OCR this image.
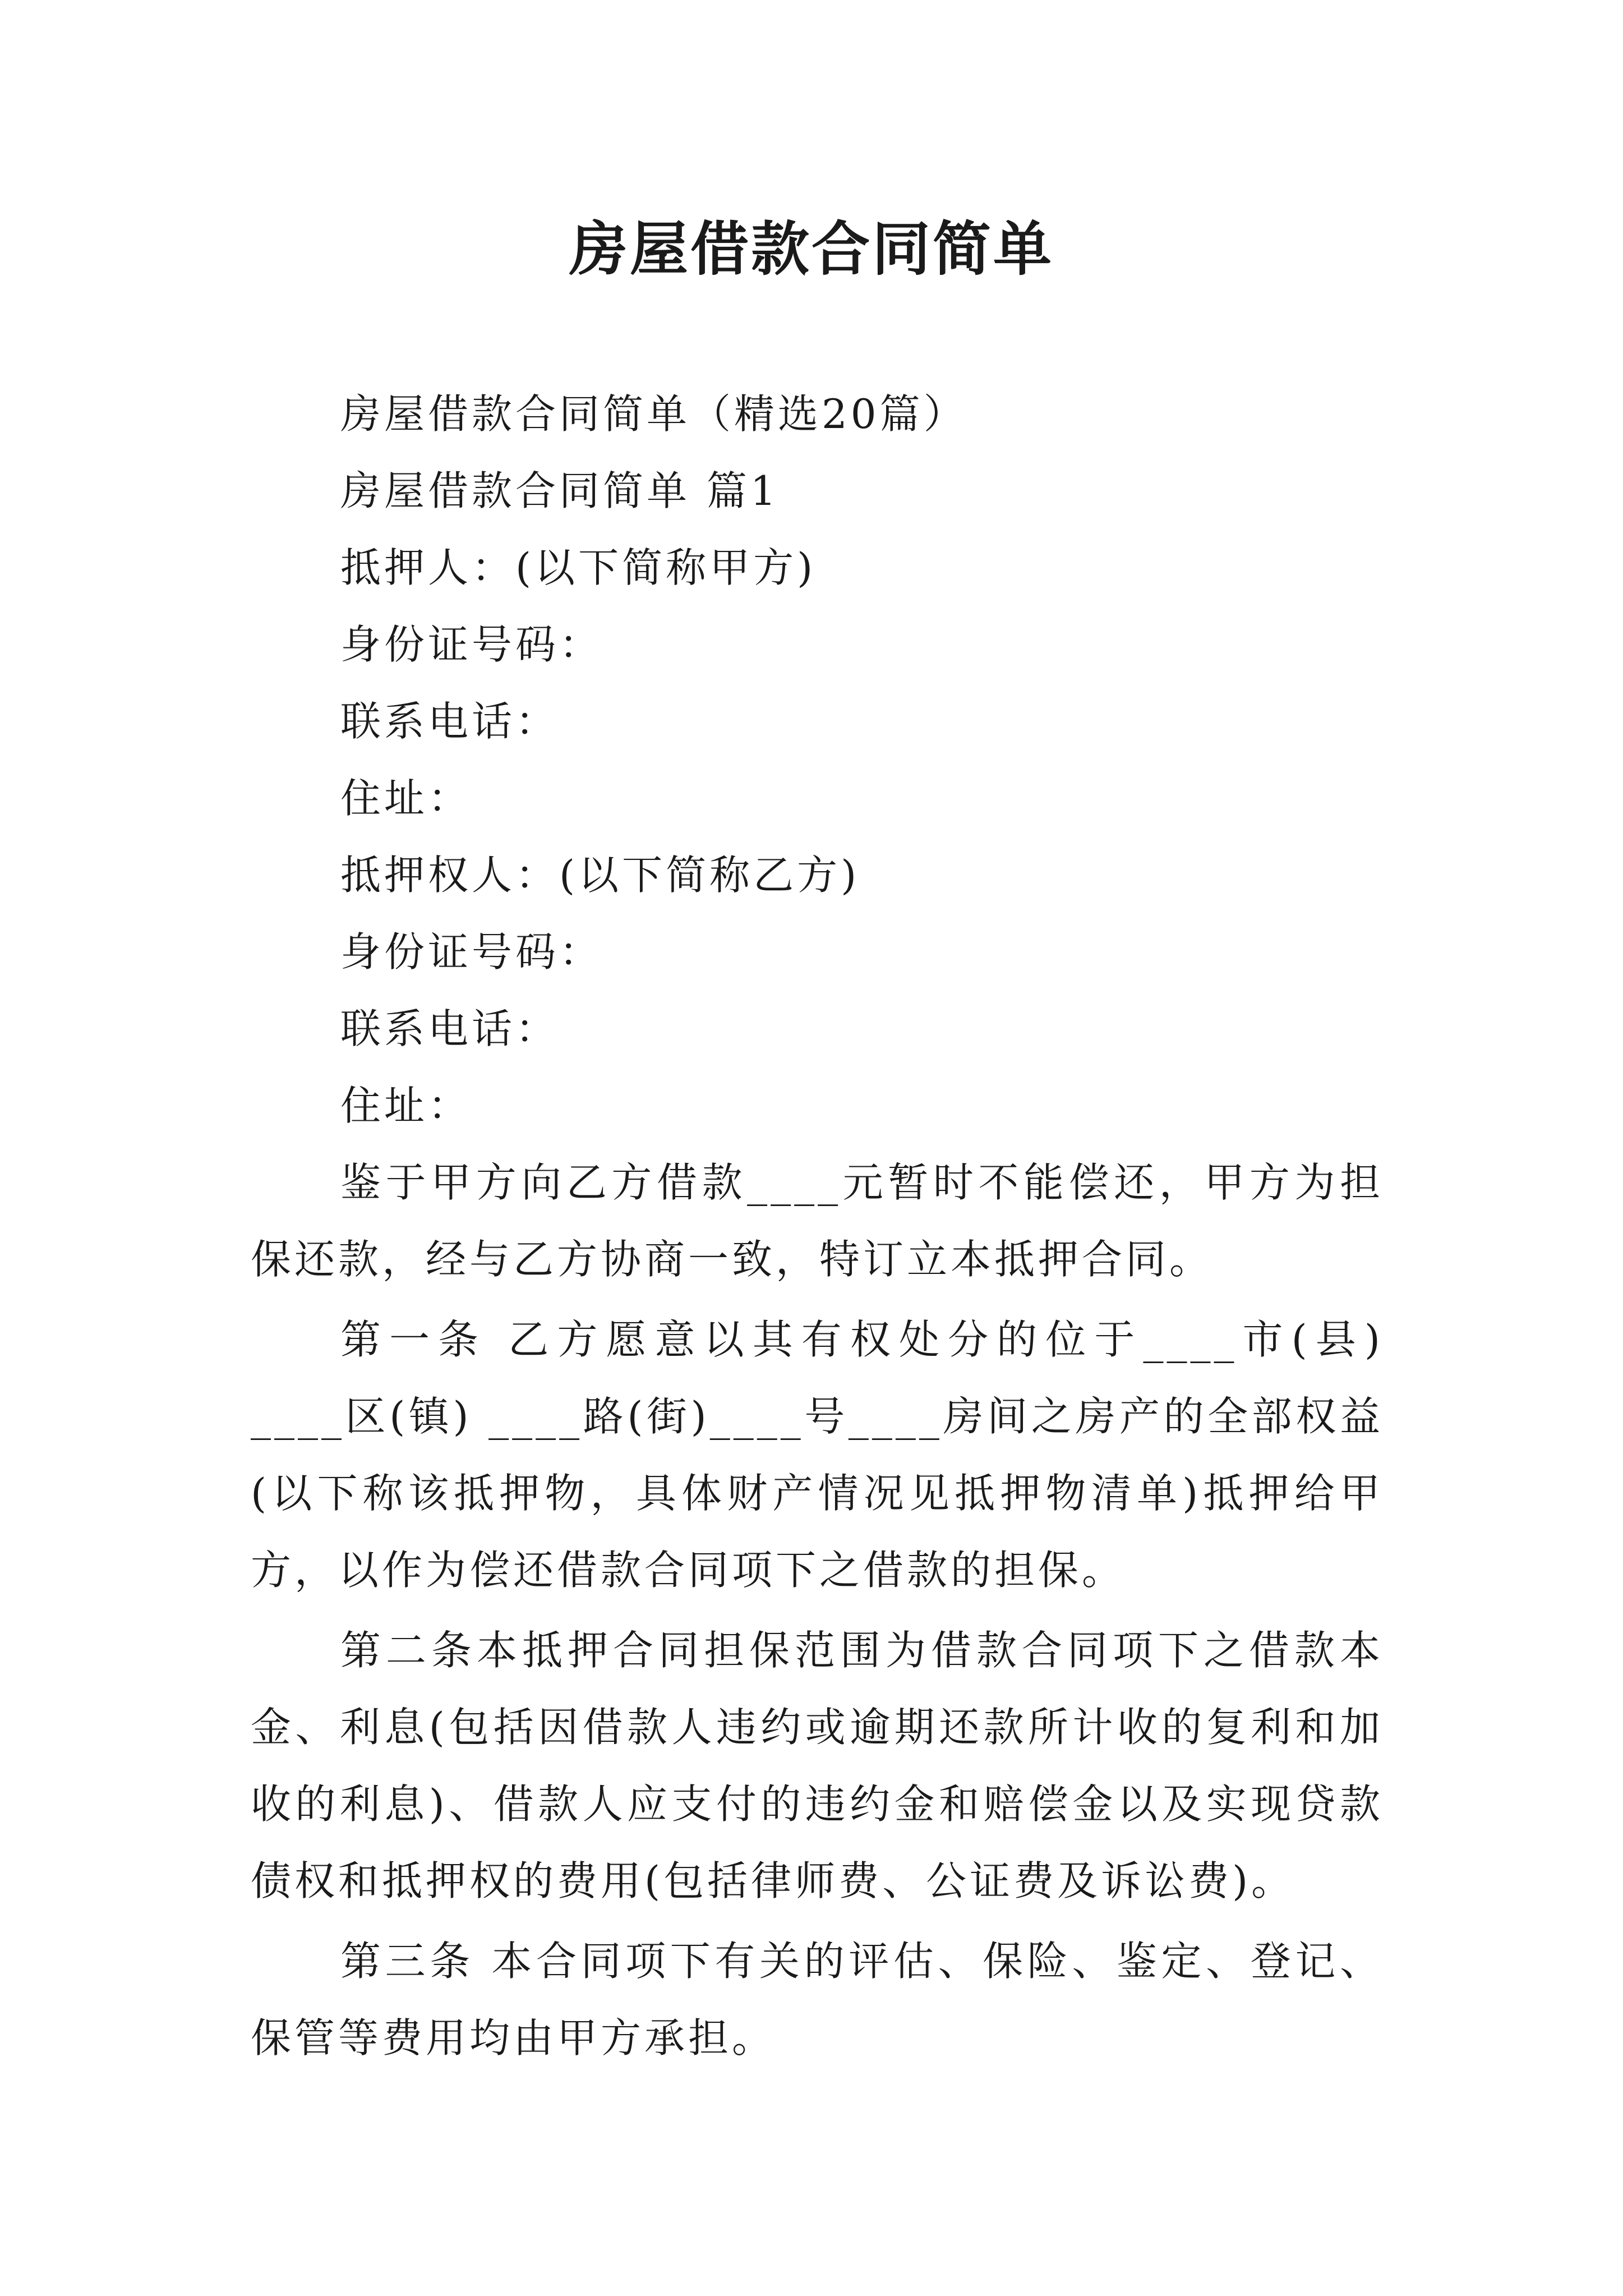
房屋借款合同简单

房屋借款合同简单（精选20篇）

房屋借款合同简单 篇1

抵押人：(以下简称甲方)

身份证号码：

联系电话：

住址：

抵押权人：(以下简称乙方)

身份证号码：

联系电话：

住址：

鉴于甲方向乙方借款____元暂时不能偿还，甲方为担保还款，经与乙方协商一致，特订立本抵押合同。

第一条 乙方愿意以其有权处分的位于____市(县) ____区(镇) ____路(街)____号____房间之房产的全部权益(以下称该抵押物，具体财产情况见抵押物清单)抵押给甲方，以作为偿还借款合同项下之借款的担保。

第二条本抵押合同担保范围为借款合同项下之借款本金、利息(包括因借款人违约或逾期还款所计收的复利和加收的利息)、借款人应支付的违约金和赔偿金以及实现贷款债权和抵押权的费用(包括律师费、公证费及诉讼费)。

第三条 本合同项下有关的评估、保险、鉴定、登记、保管等费用均由甲方承担。
